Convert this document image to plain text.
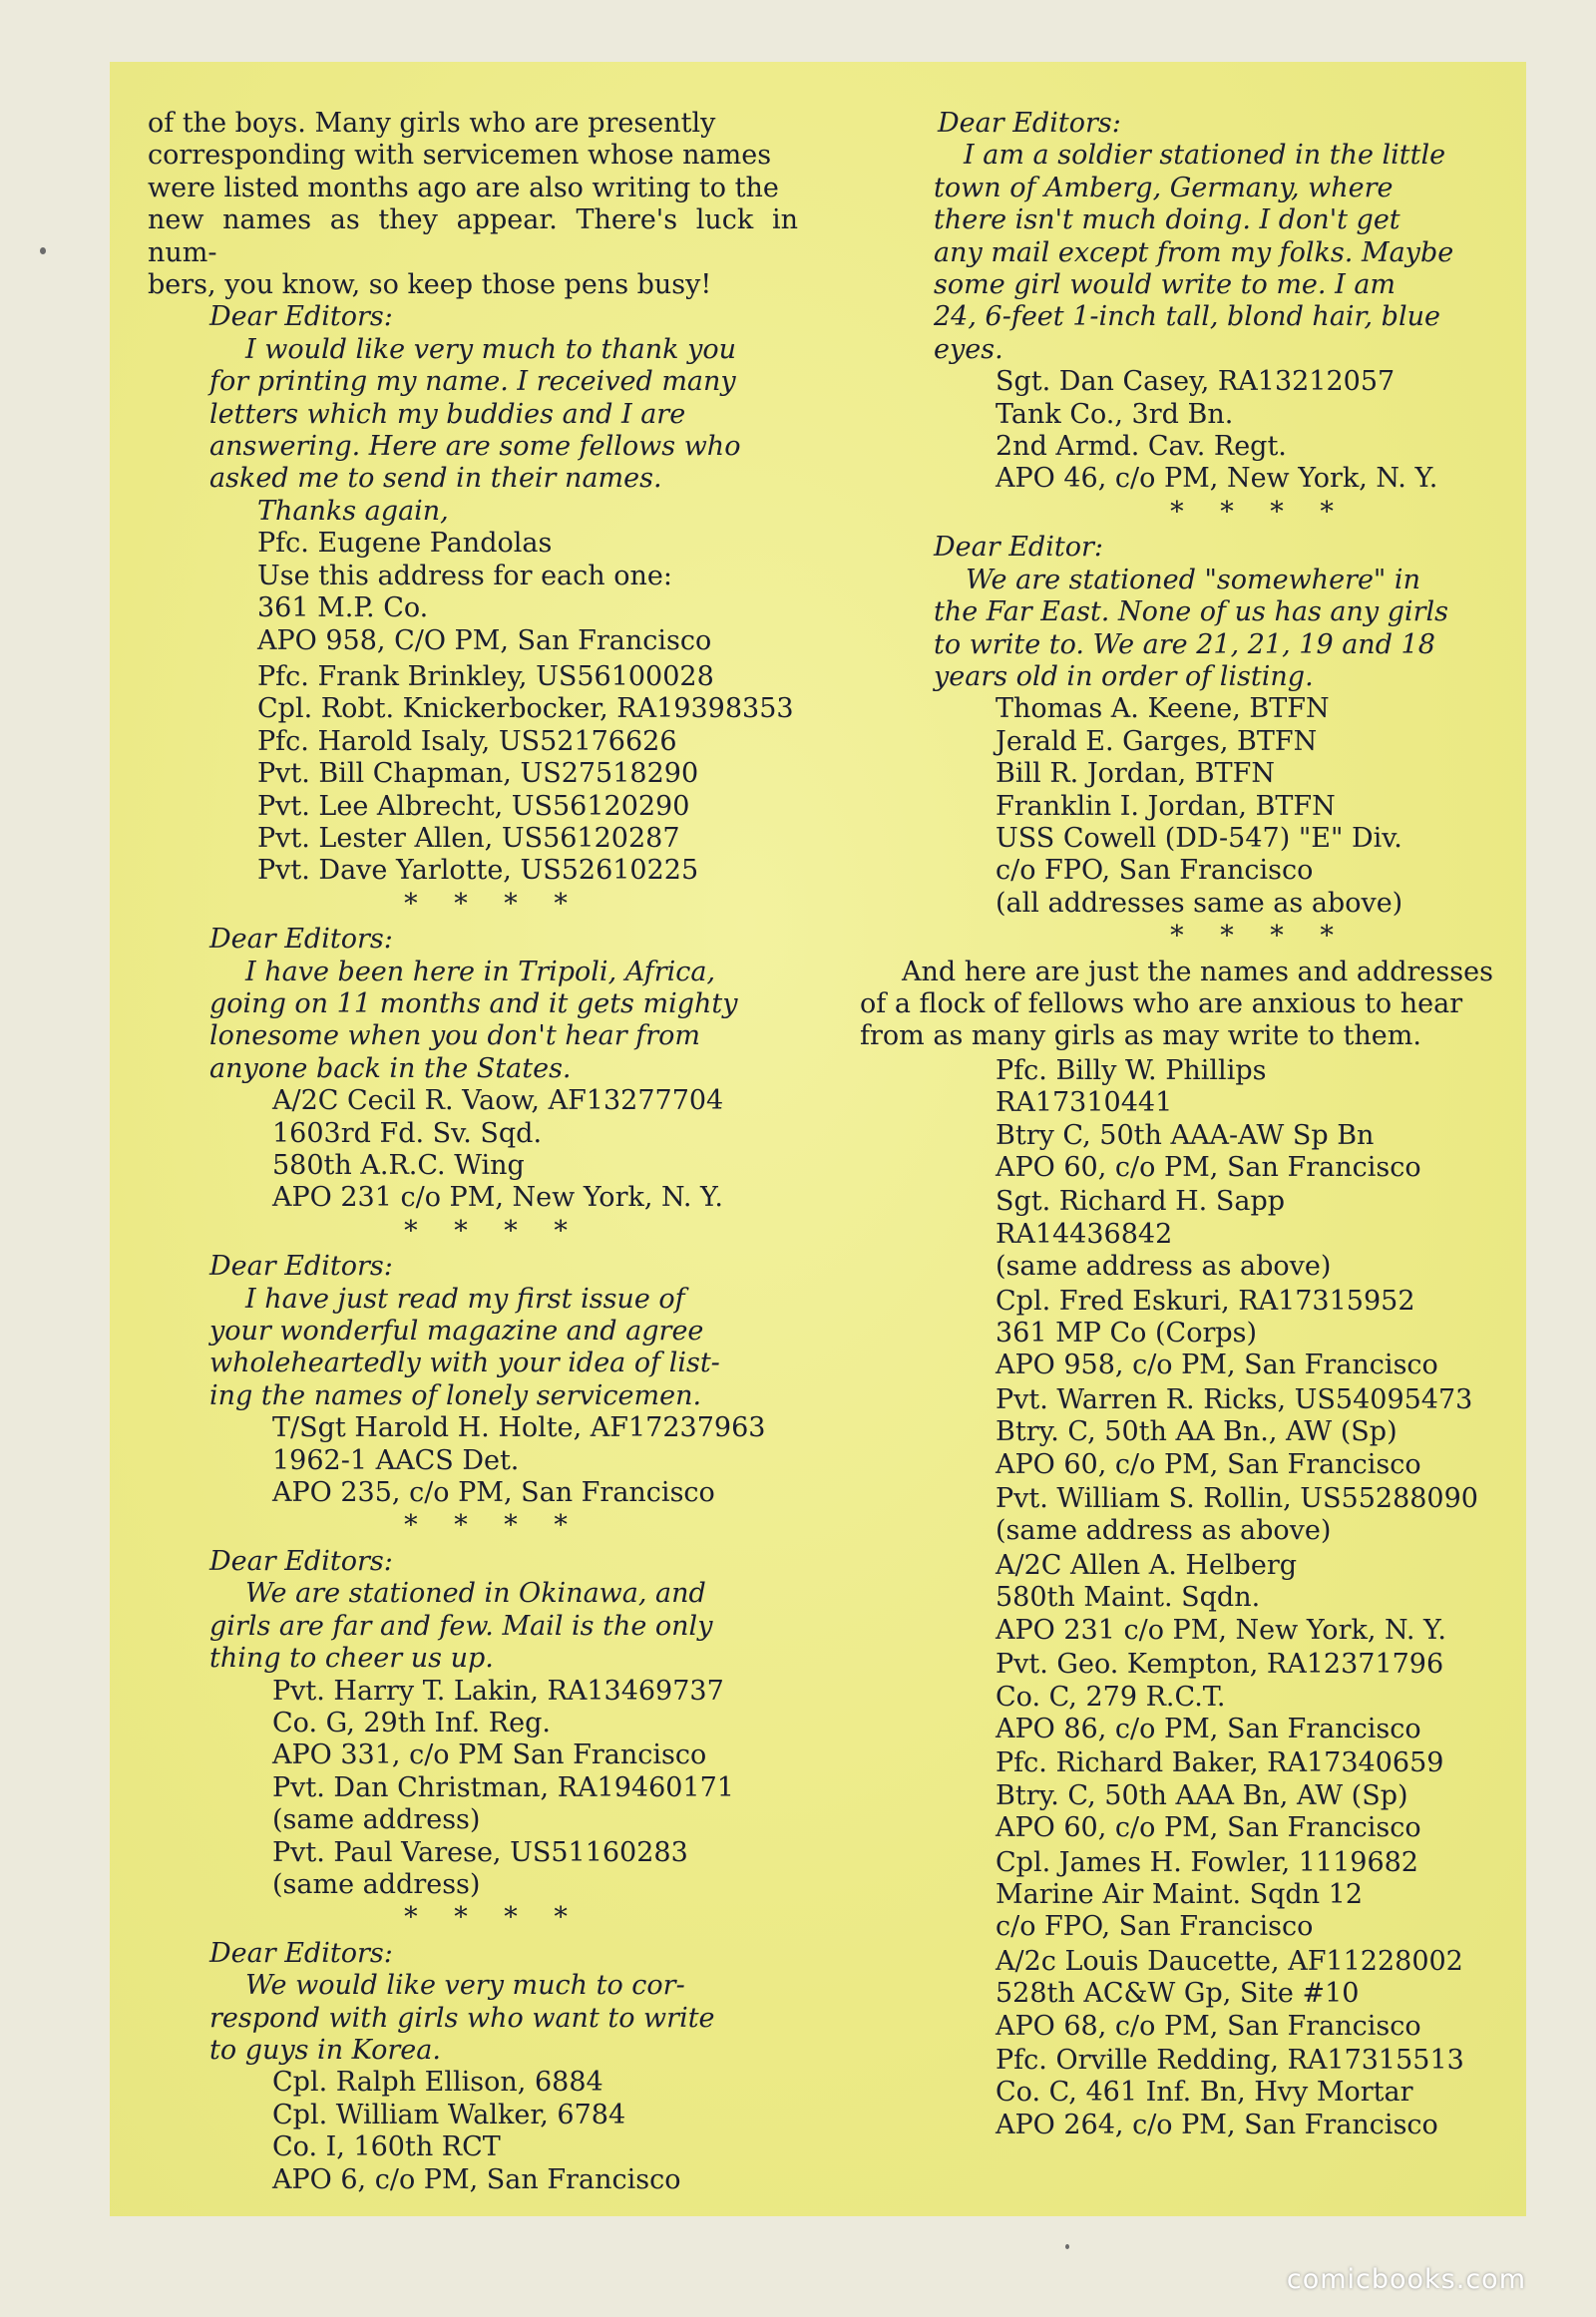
of the boys. Many girls who are presently
corresponding with servicemen whose names
were listed months ago are also writing to the
new names as they appear. There's luck in num-
bers, you know, so keep those pens busy!
Dear Editors:
I would like very much to thank you
for printing my name. I received many
letters which my buddies and I are
answering. Here are some fellows who
asked me to send in their names.
Thanks again,
Pfc. Eugene Pandolas
Use this address for each one:
361 M.P. Co.
APO 958, C/O PM, San Francisco
Pfc. Frank Brinkley, US56100028
Cpl. Robt. Knickerbocker, RA19398353
Pfc. Harold Isaly, US52176626
Pvt. Bill Chapman, US27518290
Pvt. Lee Albrecht, US56120290
Pvt. Lester Allen, US56120287
Pvt. Dave Yarlotte, US52610225
* * * *
Dear Editors:
I have been here in Tripoli, Africa,
going on 11 months and it gets mighty
lonesome when you don't hear from
anyone back in the States.
A/2C Cecil R. Vaow, AF13277704
1603rd Fd. Sv. Sqd.
580th A.R.C. Wing
APO 231 c/o PM, New York, N. Y.
* * * *
Dear Editors:
I have just read my first issue of
your wonderful magazine and agree
wholeheartedly with your idea of list-
ing the names of lonely servicemen.
T/Sgt Harold H. Holte, AF17237963
1962-1 AACS Det.
APO 235, c/o PM, San Francisco
* * * *
Dear Editors:
We are stationed in Okinawa, and
girls are far and few. Mail is the only
thing to cheer us up.
Pvt. Harry T. Lakin, RA13469737
Co. G, 29th Inf. Reg.
APO 331, c/o PM San Francisco
Pvt. Dan Christman, RA19460171
(same address)
Pvt. Paul Varese, US51160283
(same address)
* * * *
Dear Editors:
We would like very much to cor-
respond with girls who want to write
to guys in Korea.
Cpl. Ralph Ellison, 6884
Cpl. William Walker, 6784
Co. I, 160th RCT
APO 6, c/o PM, San Francisco
Dear Editors:
I am a soldier stationed in the little
town of Amberg, Germany, where
there isn't much doing. I don't get
any mail except from my folks. Maybe
some girl would write to me. I am
24, 6-feet 1-inch tall, blond hair, blue
eyes.
Sgt. Dan Casey, RA13212057
Tank Co., 3rd Bn.
2nd Armd. Cav. Regt.
APO 46, c/o PM, New York, N. Y.
* * * *
Dear Editor:
We are stationed "somewhere" in
the Far East. None of us has any girls
to write to. We are 21, 21, 19 and 18
years old in order of listing.
Thomas A. Keene, BTFN
Jerald E. Garges, BTFN
Bill R. Jordan, BTFN
Franklin I. Jordan, BTFN
USS Cowell (DD-547) "E" Div.
c/o FPO, San Francisco
(all addresses same as above)
* * * *
And here are just the names and addresses
of a flock of fellows who are anxious to hear
from as many girls as may write to them.
Pfc. Billy W. Phillips
RA17310441
Btry C, 50th AAA-AW Sp Bn
APO 60, c/o PM, San Francisco
Sgt. Richard H. Sapp
RA14436842
(same address as above)
Cpl. Fred Eskuri, RA17315952
361 MP Co (Corps)
APO 958, c/o PM, San Francisco
Pvt. Warren R. Ricks, US54095473
Btry. C, 50th AA Bn., AW (Sp)
APO 60, c/o PM, San Francisco
Pvt. William S. Rollin, US55288090
(same address as above)
A/2C Allen A. Helberg
580th Maint. Sqdn.
APO 231 c/o PM, New York, N. Y.
Pvt. Geo. Kempton, RA12371796
Co. C, 279 R.C.T.
APO 86, c/o PM, San Francisco
Pfc. Richard Baker, RA17340659
Btry. C, 50th AAA Bn, AW (Sp)
APO 60, c/o PM, San Francisco
Cpl. James H. Fowler, 1119682
Marine Air Maint. Sqdn 12
c/o FPO, San Francisco
A/2c Louis Daucette, AF11228002
528th AC&W Gp, Site #10
APO 68, c/o PM, San Francisco
Pfc. Orville Redding, RA17315513
Co. C, 461 Inf. Bn, Hvy Mortar
APO 264, c/o PM, San Francisco
comicbooks.com
